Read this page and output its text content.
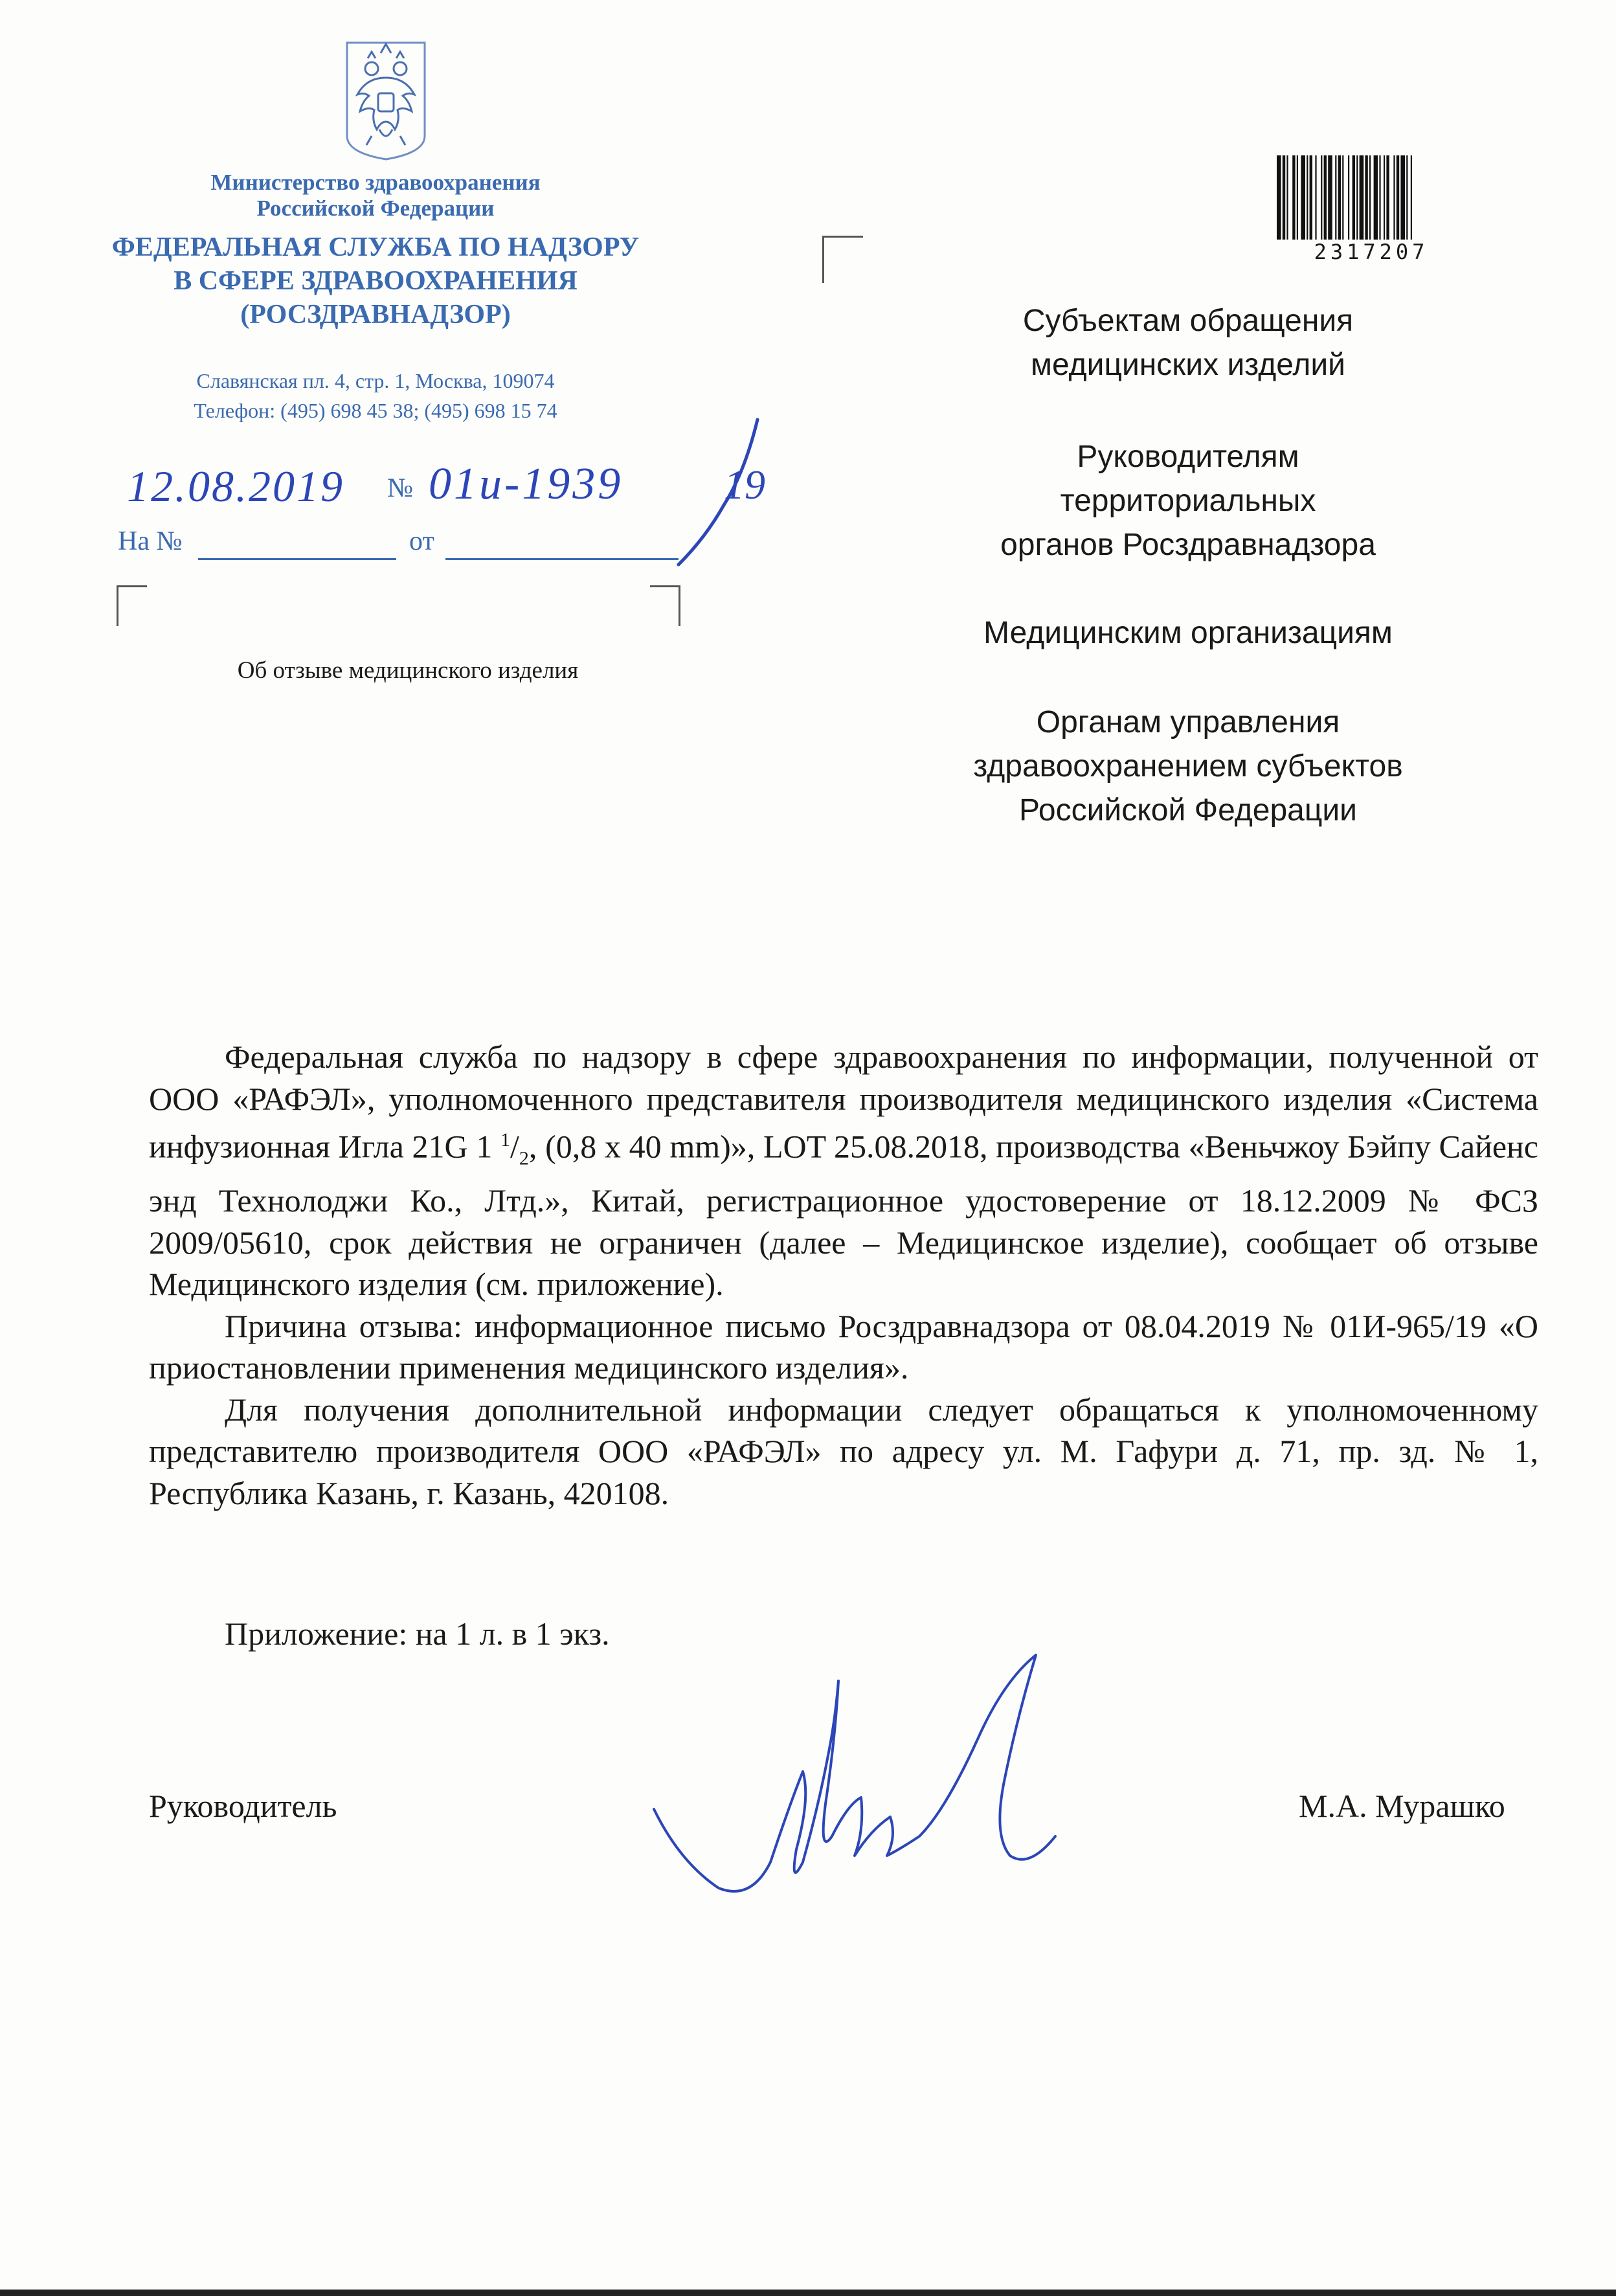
Министерство здравоохранения
Российской Федерации
ФЕДЕРАЛЬНАЯ СЛУЖБА ПО НАДЗОРУ
В СФЕРЕ ЗДРАВООХРАНЕНИЯ
(РОСЗДРАВНАДЗОР)
Славянская пл. 4, стр. 1, Москва, 109074
Телефон: (495) 698 45 38; (495) 698 15 74
12.08.2019 № 01и-1939 19
На №	от
Об отзыве медицинского изделия
2317207
Субъектам обращения
медицинских изделий
Руководителям
территориальных
органов Росздравнадзора
Медицинским организациям
Органам управления
здравоохранением субъектов
Российской Федерации

Федеральная служба по надзору в сфере здравоохранения по информации, полученной от ООО «РАФЭЛ», уполномоченного представителя производителя медицинского изделия «Система инфузионная Игла 21G 1 $^1/_2$, (0,8 x 40 mm)», LOT 25.08.2018, производства «Веньчжоу Бэйпу Сайенс энд Технолоджи Ко., Лтд.», Китай, регистрационное удостоверение от 18.12.2009 № ФСЗ 2009/05610, срок действия не ограничен (далее – Медицинское изделие), сообщает об отзыве Медицинского изделия (см. приложение).

Причина отзыва: информационное письмо Росздравнадзора от 08.04.2019 № 01И-965/19 «О приостановлении применения медицинского изделия».

Для получения дополнительной информации следует обращаться к уполномоченному представителю производителя ООО «РАФЭЛ» по адресу ул. М. Гафури д. 71, пр. зд. № 1, Республика Казань, г. Казань, 420108.

Приложение: на 1 л. в 1 экз.
Руководитель	М.А. Мурашко
